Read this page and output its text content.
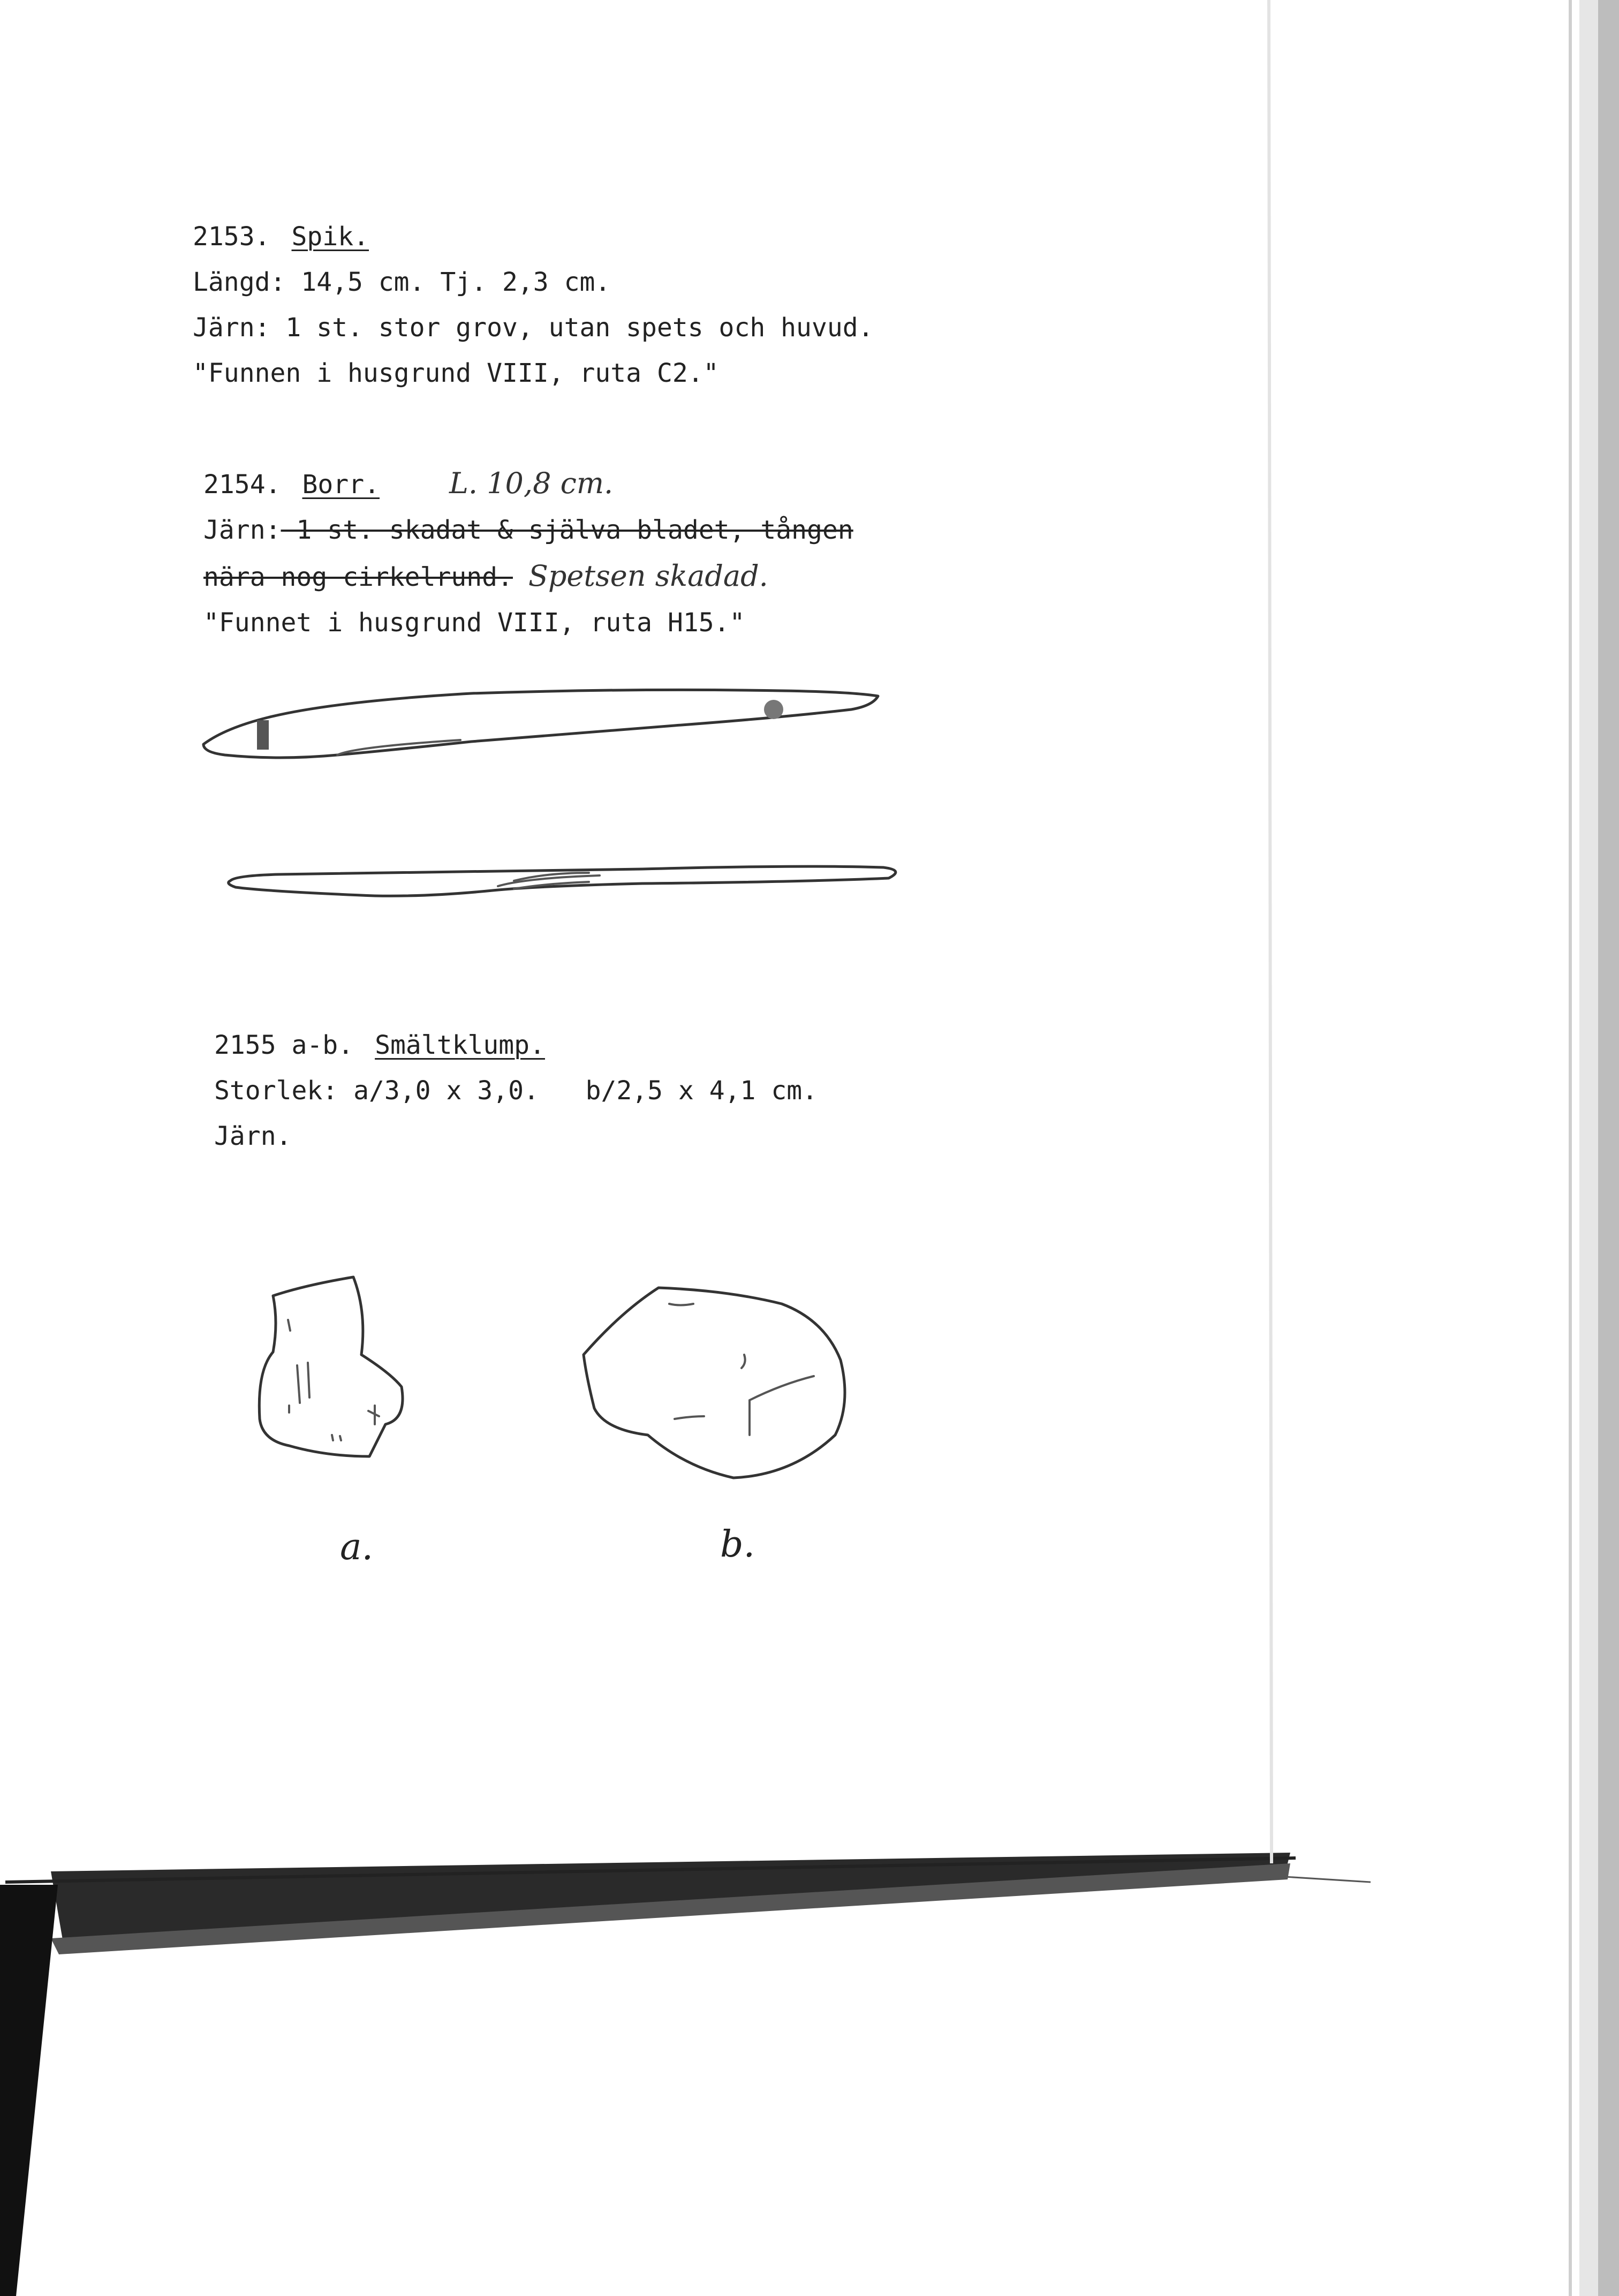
2153. Spik.
Längd: 14,5 cm. Tj. 2,3 cm.
Järn: 1 st. stor grov, utan spets och huvud.
"Funnen i husgrund VIII, ruta C2."
2154. Borr. L. 10,8 cm.
Järn: 1 st. skadat & själva bladet, tången
nära nog cirkelrund. Spetsen skadad.
"Funnet i husgrund VIII, ruta H15."
2155 a-b. Smältklump.
Storlek: a/3,0 x 3,0.   b/2,5 x 4,1 cm.
Järn.
a.	b.
